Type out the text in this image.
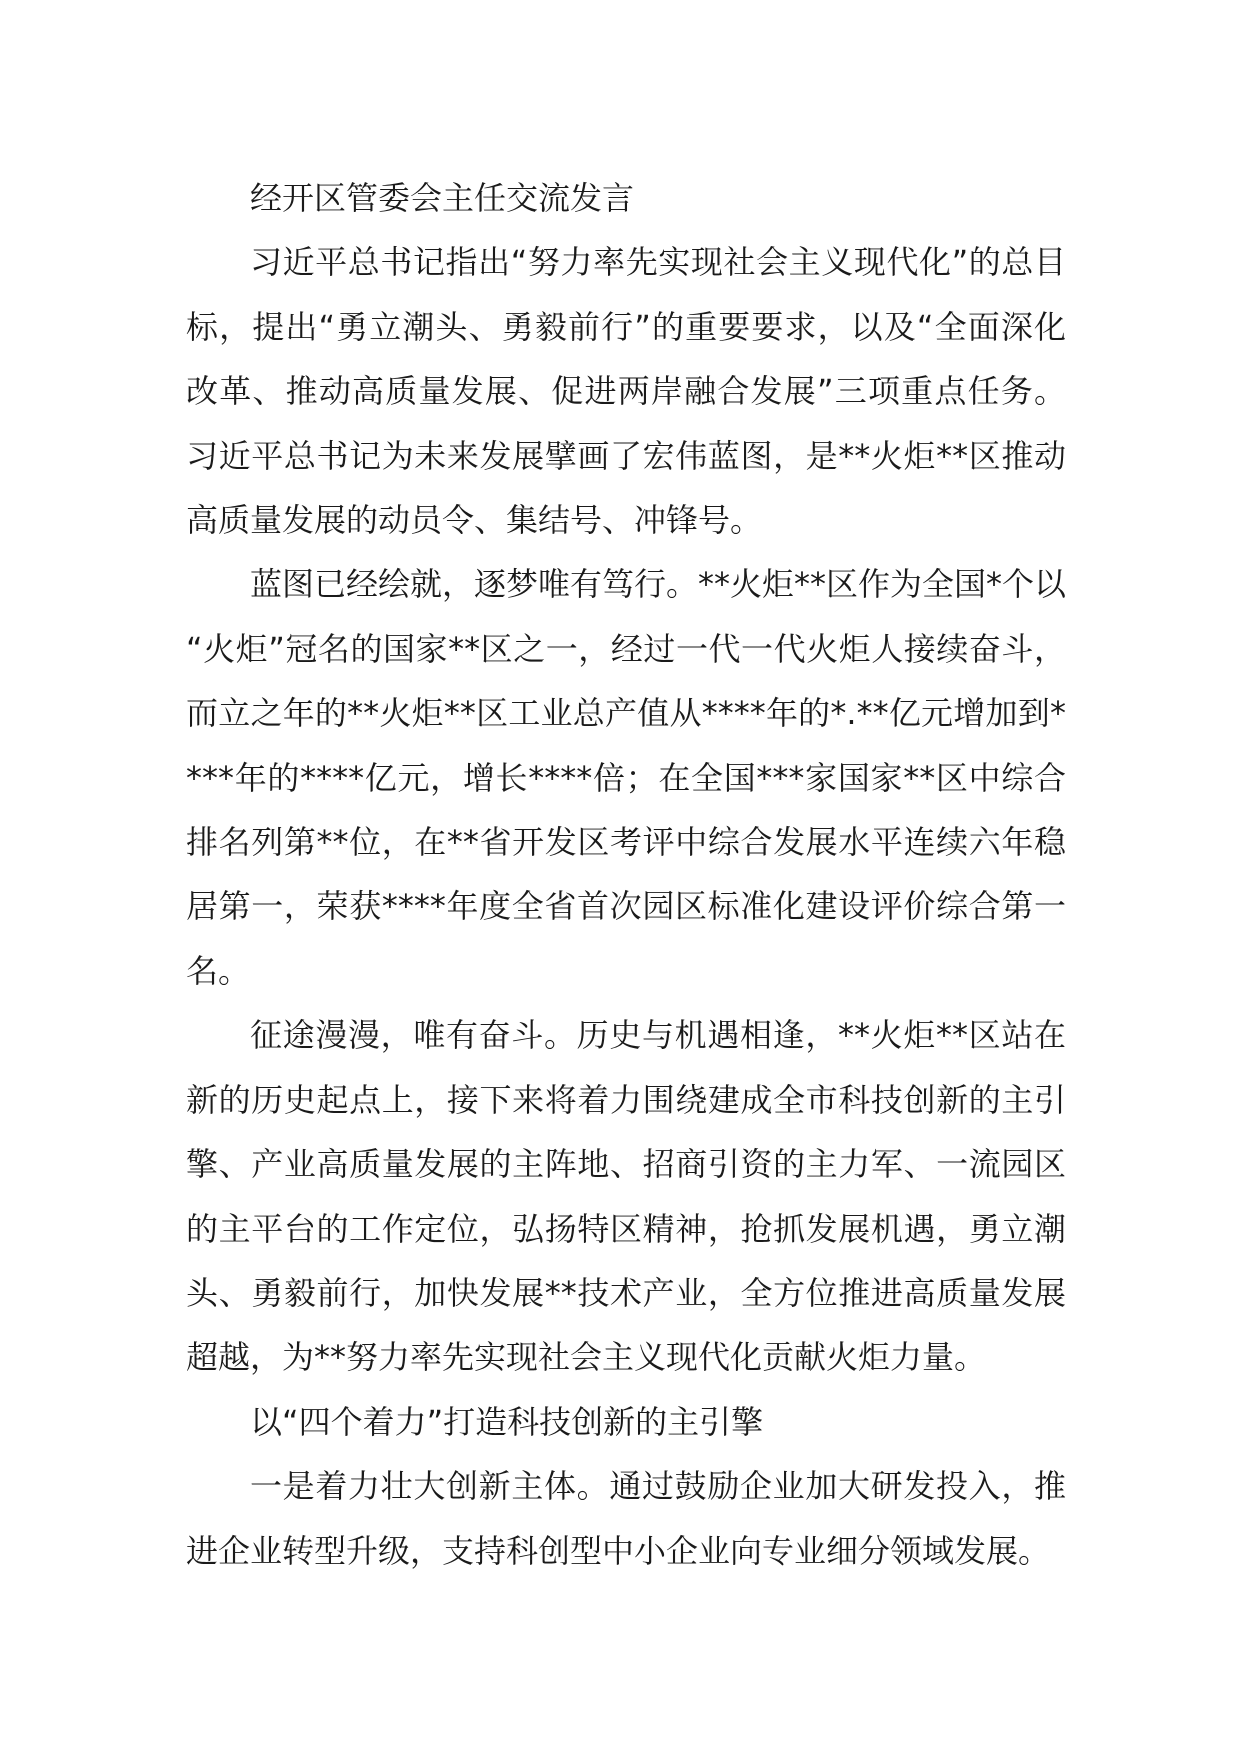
经开区管委会主任交流发言

习近平总书记指出“努力率先实现社会主义现代化”的总目标，提出“勇立潮头、勇毅前行”的重要要求，以及“全面深化改革、推动高质量发展、促进两岸融合发展”三项重点任务。习近平总书记为未来发展擘画了宏伟蓝图，是**火炬**区推动高质量发展的动员令、集结号、冲锋号。

蓝图已经绘就，逐梦唯有笃行。**火炬**区作为全国*个以“火炬”冠名的国家**区之一，经过一代一代火炬人接续奋斗，而立之年的**火炬**区工业总产值从****年的*.**亿元增加到****年的****亿元，增长****倍；在全国***家国家**区中综合排名列第**位，在**省开发区考评中综合发展水平连续六年稳居第一，荣获****年度全省首次园区标准化建设评价综合第一名。

征途漫漫，唯有奋斗。历史与机遇相逢，**火炬**区站在新的历史起点上，接下来将着力围绕建成全市科技创新的主引擎、产业高质量发展的主阵地、招商引资的主力军、一流园区的主平台的工作定位，弘扬特区精神，抢抓发展机遇，勇立潮头、勇毅前行，加快发展**技术产业，全方位推进高质量发展超越，为**努力率先实现社会主义现代化贡献火炬力量。

以“四个着力”打造科技创新的主引擎

一是着力壮大创新主体。通过鼓励企业加大研发投入，推进企业转型升级，支持科创型中小企业向专业细分领域发展。
